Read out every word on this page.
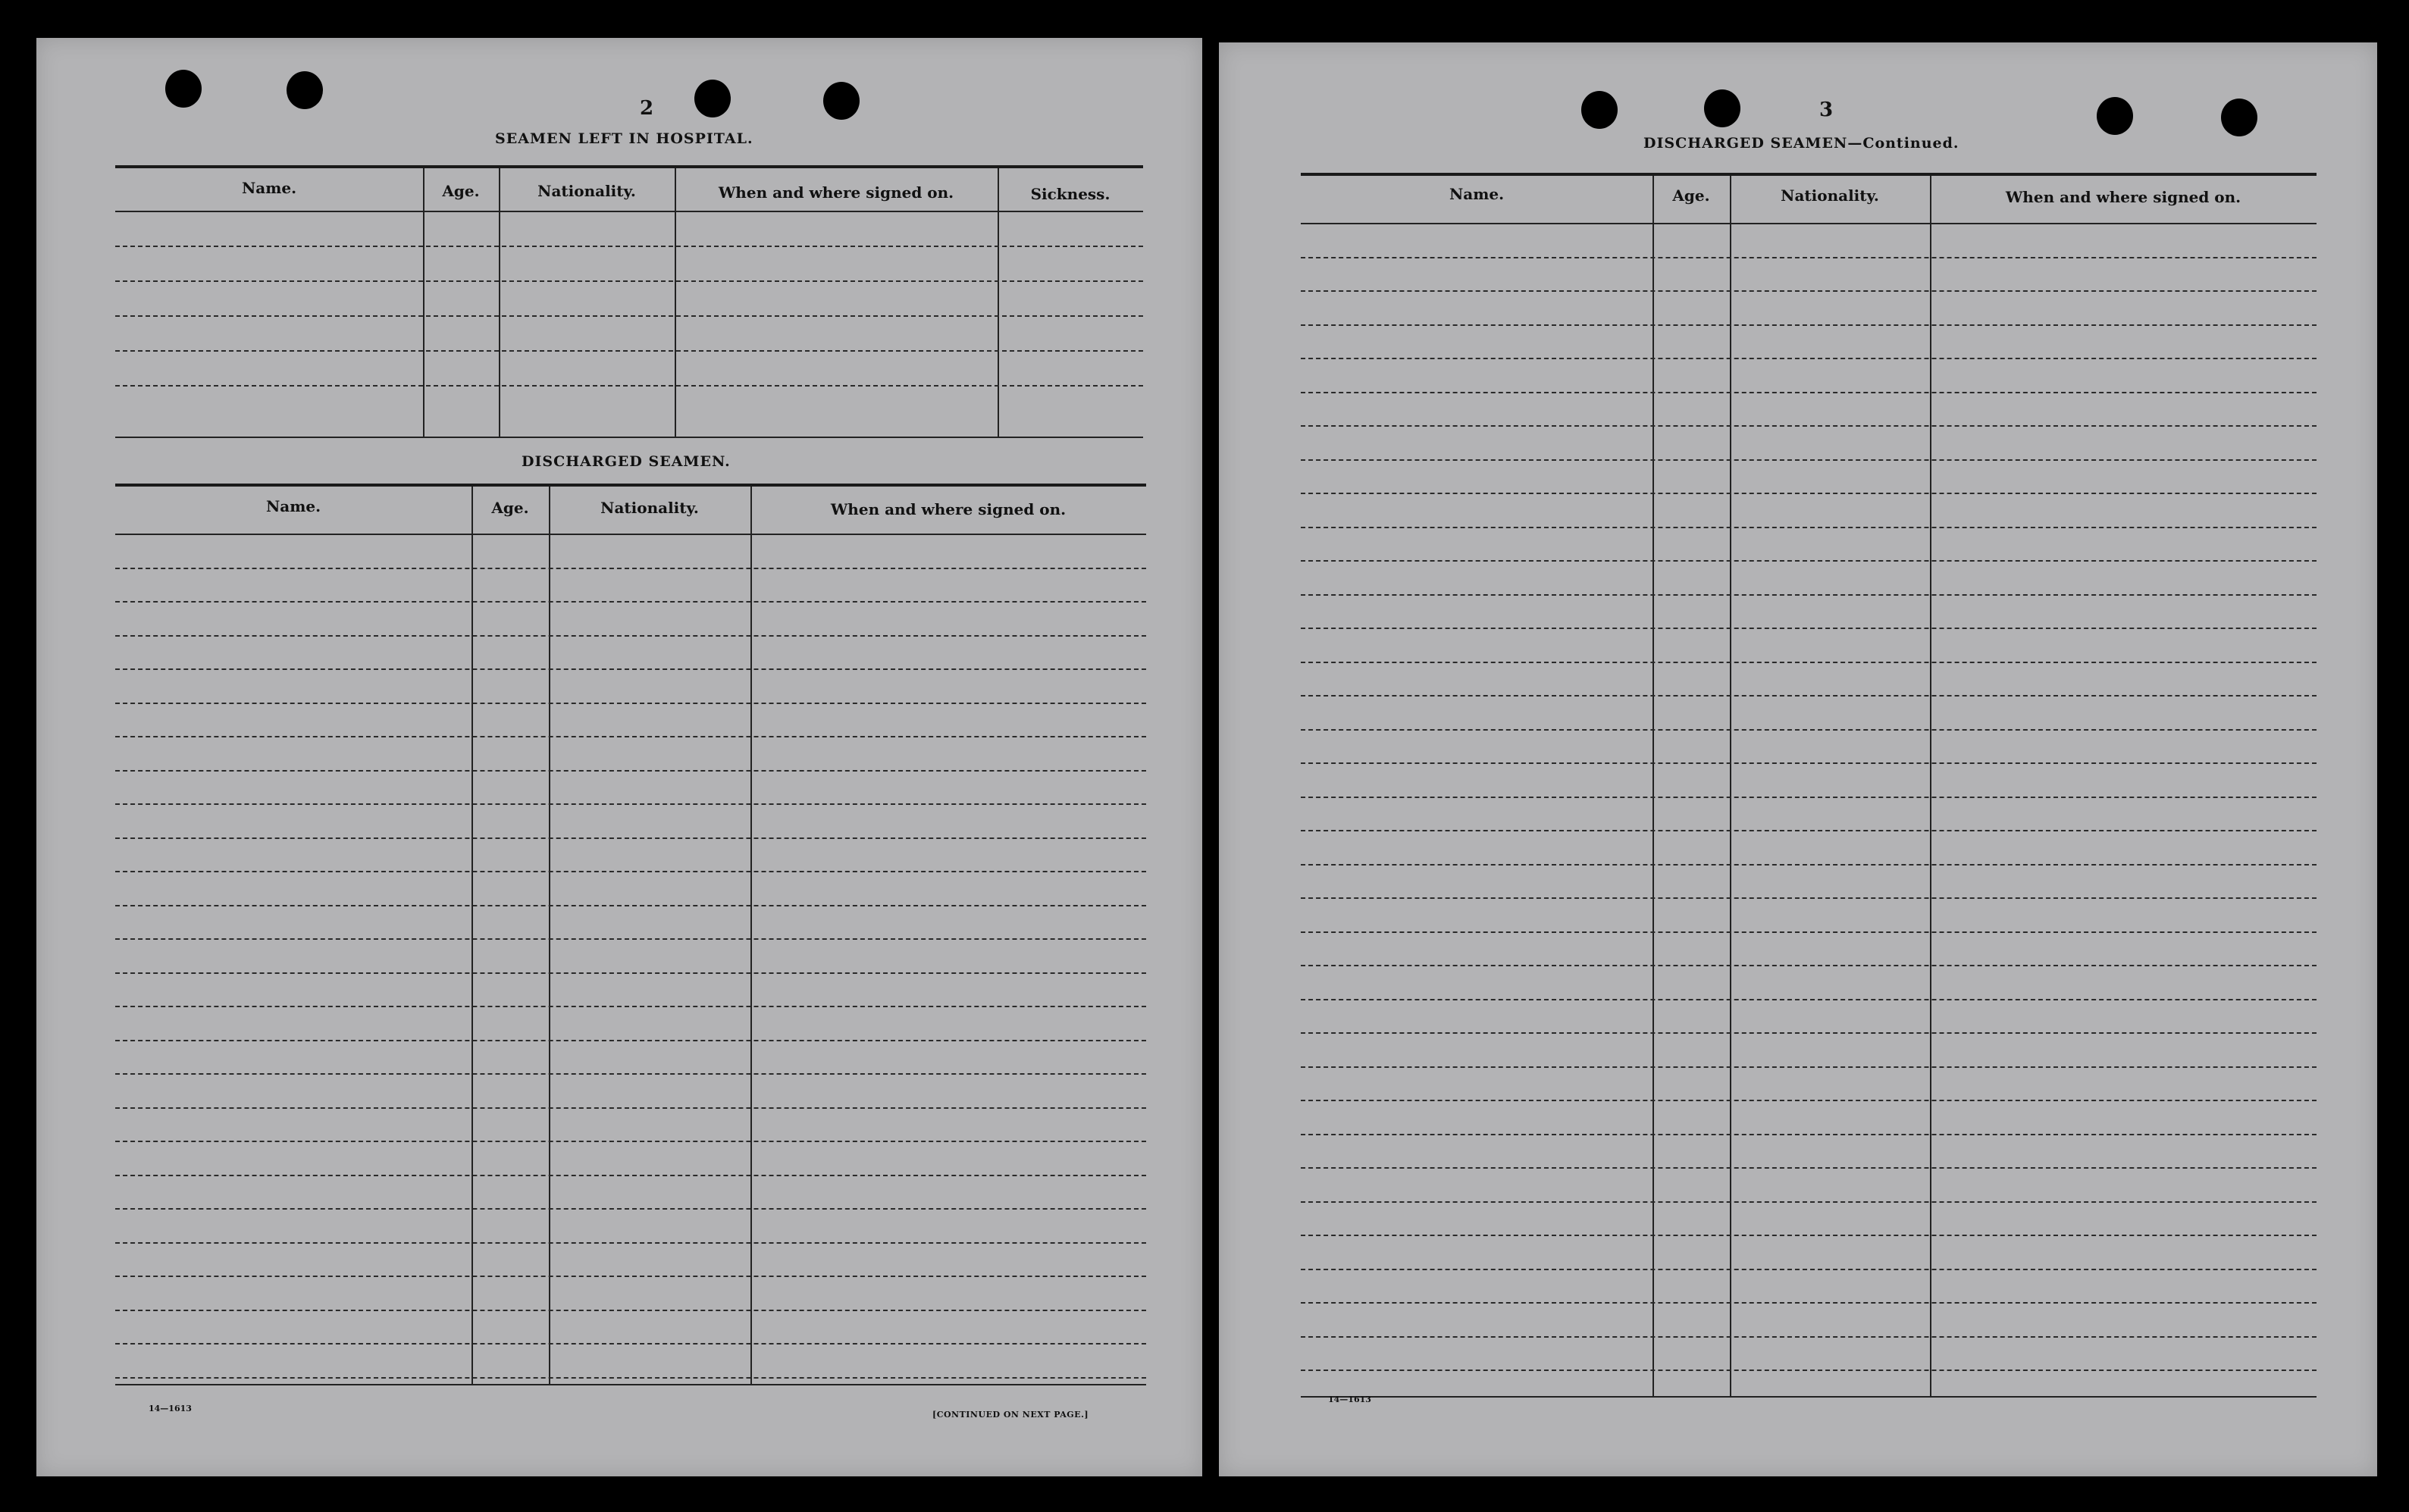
2
SEAMEN LEFT IN HOSPITAL.
Name.	Age.	Nationality.	When and where signed on.	Sickness.
DISCHARGED SEAMEN.
Name.	Age.	Nationality.	When and where signed on.
14—1613
[CONTINUED ON NEXT PAGE.]
3
DISCHARGED SEAMEN—Continued.
Name.	Age.	Nationality.	When and where signed on.
14—1613
